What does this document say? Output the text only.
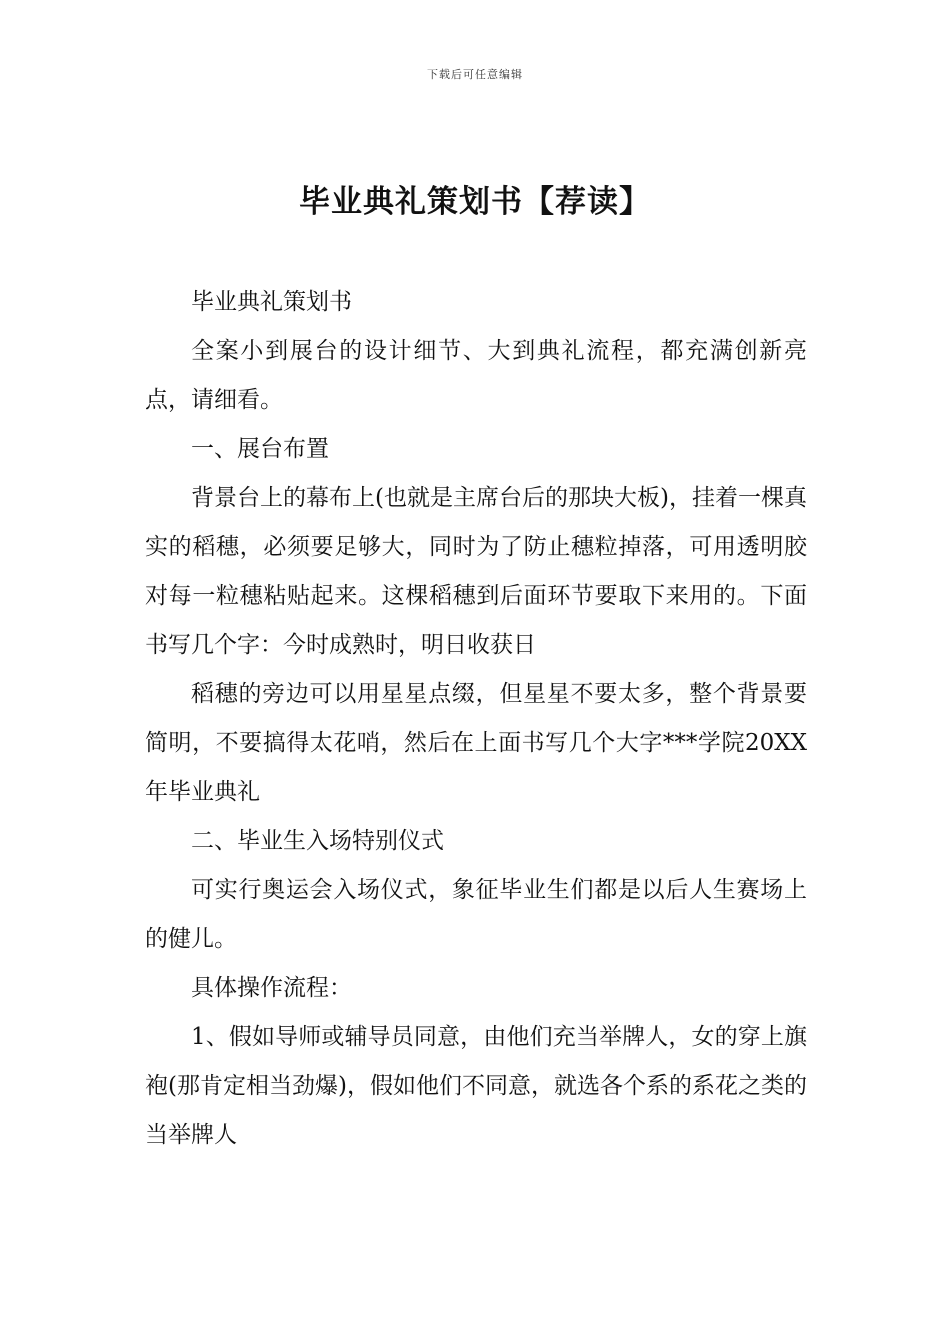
下载后可任意编辑
毕业典礼策划书【荐读】

毕业典礼策划书

全案小到展台的设计细节、大到典礼流程，都充满创新亮点，请细看。

一、展台布置

背景台上的幕布上(也就是主席台后的那块大板)，挂着一棵真实的稻穗，必须要足够大，同时为了防止穗粒掉落，可用透明胶对每一粒穗粘贴起来。这棵稻穗到后面环节要取下来用的。下面书写几个字：今时成熟时，明日收获日

稻穗的旁边可以用星星点缀，但星星不要太多，整个背景要简明，不要搞得太花哨，然后在上面书写几个大字***学院20XX年毕业典礼

二、毕业生入场特别仪式

可实行奥运会入场仪式，象征毕业生们都是以后人生赛场上的健儿。

具体操作流程：

1、假如导师或辅导员同意，由他们充当举牌人，女的穿上旗袍(那肯定相当劲爆)，假如他们不同意，就选各个系的系花之类的当举牌人
